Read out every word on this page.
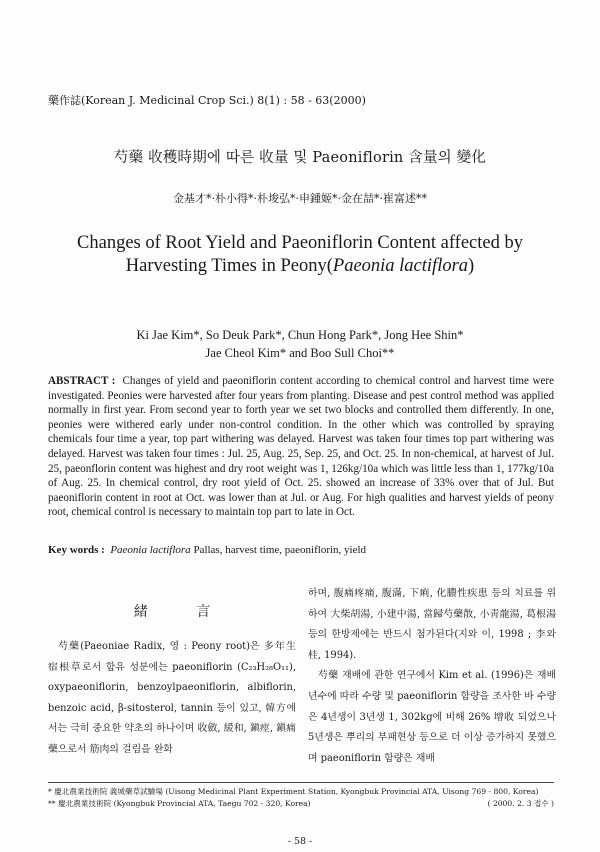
藥作誌(Korean J. Medicinal Crop Sci.) 8(1) : 58 - 63(2000)
芍藥 收穫時期에 따른 收量 및 Paeoniflorin 含量의 變化
金基才*·朴小得*·朴埈弘*·申鍾姬*·金在喆*·崔富述**
Changes of Root Yield and Paeoniflorin Content affected by
Harvesting Times in Peony(Paeonia lactiflora)
Ki Jae Kim*, So Deuk Park*, Chun Hong Park*, Jong Hee Shin*
Jae Cheol Kim* and Boo Sull Choi**
ABSTRACT : Changes of yield and paeoniflorin content according to chemical control and harvest time were investigated. Peonies were harvested after four years from planting. Disease and pest control method was applied normally in first year. From second year to forth year we set two blocks and controlled them differently. In one, peonies were withered early under non-control condition. In the other which was controlled by spraying chemicals four time a year, top part withering was delayed. Harvest was taken four times top part withering was delayed. Harvest was taken four times : Jul. 25, Aug. 25, Sep. 25, and Oct. 25. In non-chemical, at harvest of Jul. 25, paeonflorin content was highest and dry root weight was 1, 126kg/10a which was little less than 1, 177kg/10a of Aug. 25. In chemical control, dry root yield of Oct. 25. showed an increase of 33% over that of Jul. But paeoniflorin content in root at Oct. was lower than at Jul. or Aug. For high qualities and harvest yields of peony root, chemical control is necessary to maintain top part to late in Oct.
Key words : Paeonia lactiflora Pallas, harvest time, paeoniflorin, yield
緒 言

芍藥(Paeoniae Radix, 영 : Peony root)은 多年生 宿根草로서 함유 성분에는 paeoniflorin (C₂₃H₂₈O₁₁), oxypaeoniflorin, benzoylpaeoniflorin, albiflorin, benzoic acid, β-sitosterol, tannin 등이 있고, 韓方에서는 극히 중요한 약초의 하나이며 收斂, 緩和, 鎭痙, 鎭痛藥으로서 筋肉의 걸림을 완화

하며, 腹痛疼痛, 腹滿, 下痢, 化膿性疾患 등의 치료를 위하여 大柴胡湯, 小建中湯, 當歸芍藥散, 小靑龍湯, 葛根湯 등의 한방제에는 반드시 첨가된다(지와 이, 1998 ; 李와 桂, 1994).

芍藥 재배에 관한 연구에서 Kim et al. (1996)은 재배년수에 따라 수량 및 paeoniflorin 함량을 조사한 바 수량은 4년생이 3년생 1, 302kg에 비해 26% 增收 되었으나 5년생은 뿌리의 부패현상 등으로 더 이상 증가하지 못했으며 paeoniflorin 함량은 재배

* 慶北農業技術院 義城藥草試驗場 (Uisong Medicinal Plant Experiment Station, Kyongbuk Provincial ATA, Uisong 769 - 800, Korea)
** 慶北農業技術院 (Kyongbuk Provincial ATA, Taegu 702 - 320, Korea)	( 2000. 2. 3 접수 )
- 58 -
